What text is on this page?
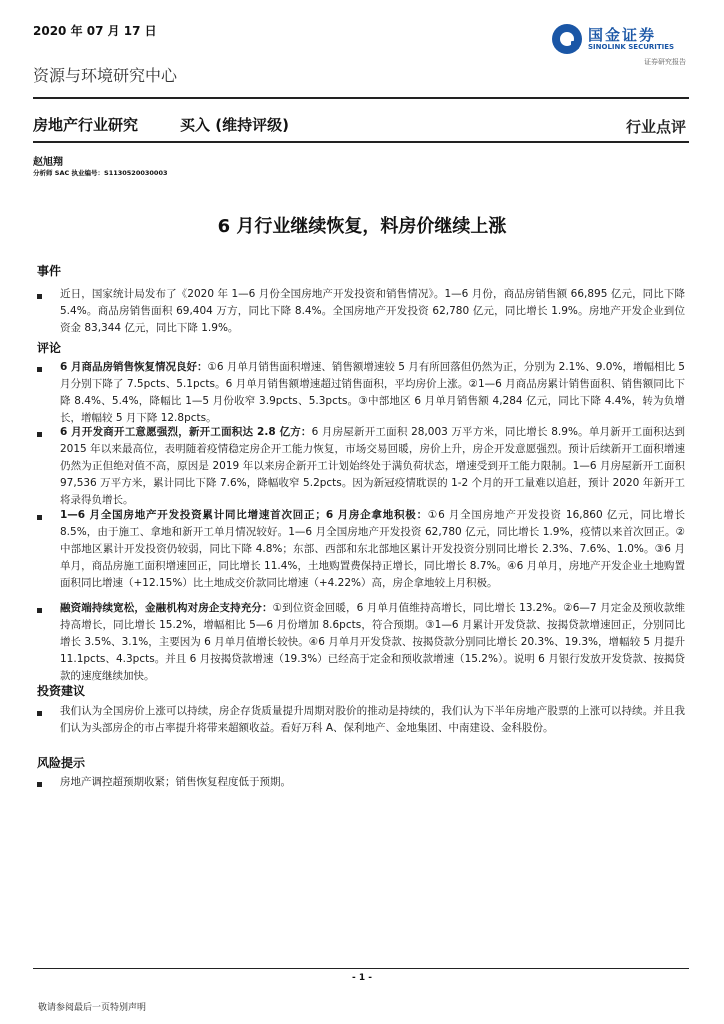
2020 年 07 月 17 日	国金证券
SINOLINK SECURITIES
证券研究报告
资源与环境研究中心
房地产行业研究	买入 (维持评级)	行业点评
赵旭翔
分析师 SAC 执业编号：S1130520030003
6 月行业继续恢复，料房价继续上涨
事件
近日，国家统计局发布了《2020 年 1—6 月份全国房地产开发投资和销售情况》。1—6 月份，商品房销售额 66,895 亿元，同比下降 5.4%。商品房销售面积 69,404 万方，同比下降 8.4%。全国房地产开发投资 62,780 亿元，同比增长 1.9%。房地产开发企业到位资金 83,344 亿元，同比下降 1.9%。
评论
6 月商品房销售恢复情况良好：①6 月单月销售面积增速、销售额增速较 5 月有所回落但仍然为正，分别为 2.1%、9.0%，增幅相比 5 月分别下降了 7.5pcts、5.1pcts。6 月单月销售额增速超过销售面积，平均房价上涨。②1—6 月商品房累计销售面积、销售额同比下降 8.4%、5.4%，降幅比 1—5 月份收窄 3.9pcts、5.3pcts。③中部地区 6 月单月销售额 4,284 亿元，同比下降 4.4%，转为负增长，增幅较 5 月下降 12.8pcts。
6 月开发商开工意愿强烈，新开工面积达 2.8 亿方：6 月房屋新开工面积 28,003 万平方米，同比增长 8.9%。单月新开工面积达到 2015 年以来最高位，表明随着疫情稳定房企开工能力恢复，市场交易回暖，房价上升，房企开发意愿强烈。预计后续新开工面积增速仍然为正但绝对值不高，原因是 2019 年以来房企新开工计划始终处于满负荷状态，增速受到开工能力限制。1—6 月房屋新开工面积 97,536 万平方米，累计同比下降 7.6%，降幅收窄 5.2pcts。因为新冠疫情耽误的 1-2 个月的开工量难以追赶，预计 2020 年新开工将录得负增长。
1—6 月全国房地产开发投资累计同比增速首次回正；6 月房企拿地积极：①6 月全国房地产开发投资 16,860 亿元，同比增长 8.5%，由于施工、拿地和新开工单月情况较好。1—6 月全国房地产开发投资 62,780 亿元，同比增长 1.9%，疫情以来首次回正。②中部地区累计开发投资仍较弱，同比下降 4.8%；东部、西部和东北部地区累计开发投资分别同比增长 2.3%、7.6%、1.0%。③6 月单月，商品房施工面积增速回正，同比增长 11.4%，土地购置费保持正增长，同比增长 8.7%。④6 月单月，房地产开发企业土地购置面积同比增速（+12.15%）比土地成交价款同比增速（+4.22%）高，房企拿地较上月积极。
融资端持续宽松，金融机构对房企支持充分：①到位资金回暖，6 月单月值维持高增长，同比增长 13.2%。②6—7 月定金及预收款维持高增长，同比增长 15.2%，增幅相比 5—6 月份增加 8.6pcts，符合预期。③1—6 月累计开发贷款、按揭贷款增速回正，分别同比增长 3.5%、3.1%，主要因为 6 月单月值增长较快。④6 月单月开发贷款、按揭贷款分别同比增长 20.3%、19.3%，增幅较 5 月提升 11.1pcts、4.3pcts。并且 6 月按揭贷款增速（19.3%）已经高于定金和预收款增速（15.2%）。说明 6 月银行发放开发贷款、按揭贷款的速度继续加快。
投资建议
我们认为全国房价上涨可以持续，房企存货质量提升周期对股价的推动是持续的，我们认为下半年房地产股票的上涨可以持续。并且我们认为头部房企的市占率提升将带来超额收益。看好万科 A、保利地产、金地集团、中南建设、金科股份。
风险提示
房地产调控超预期收紧；销售恢复程度低于预期。
- 1 -
敬请参阅最后一页特别声明
